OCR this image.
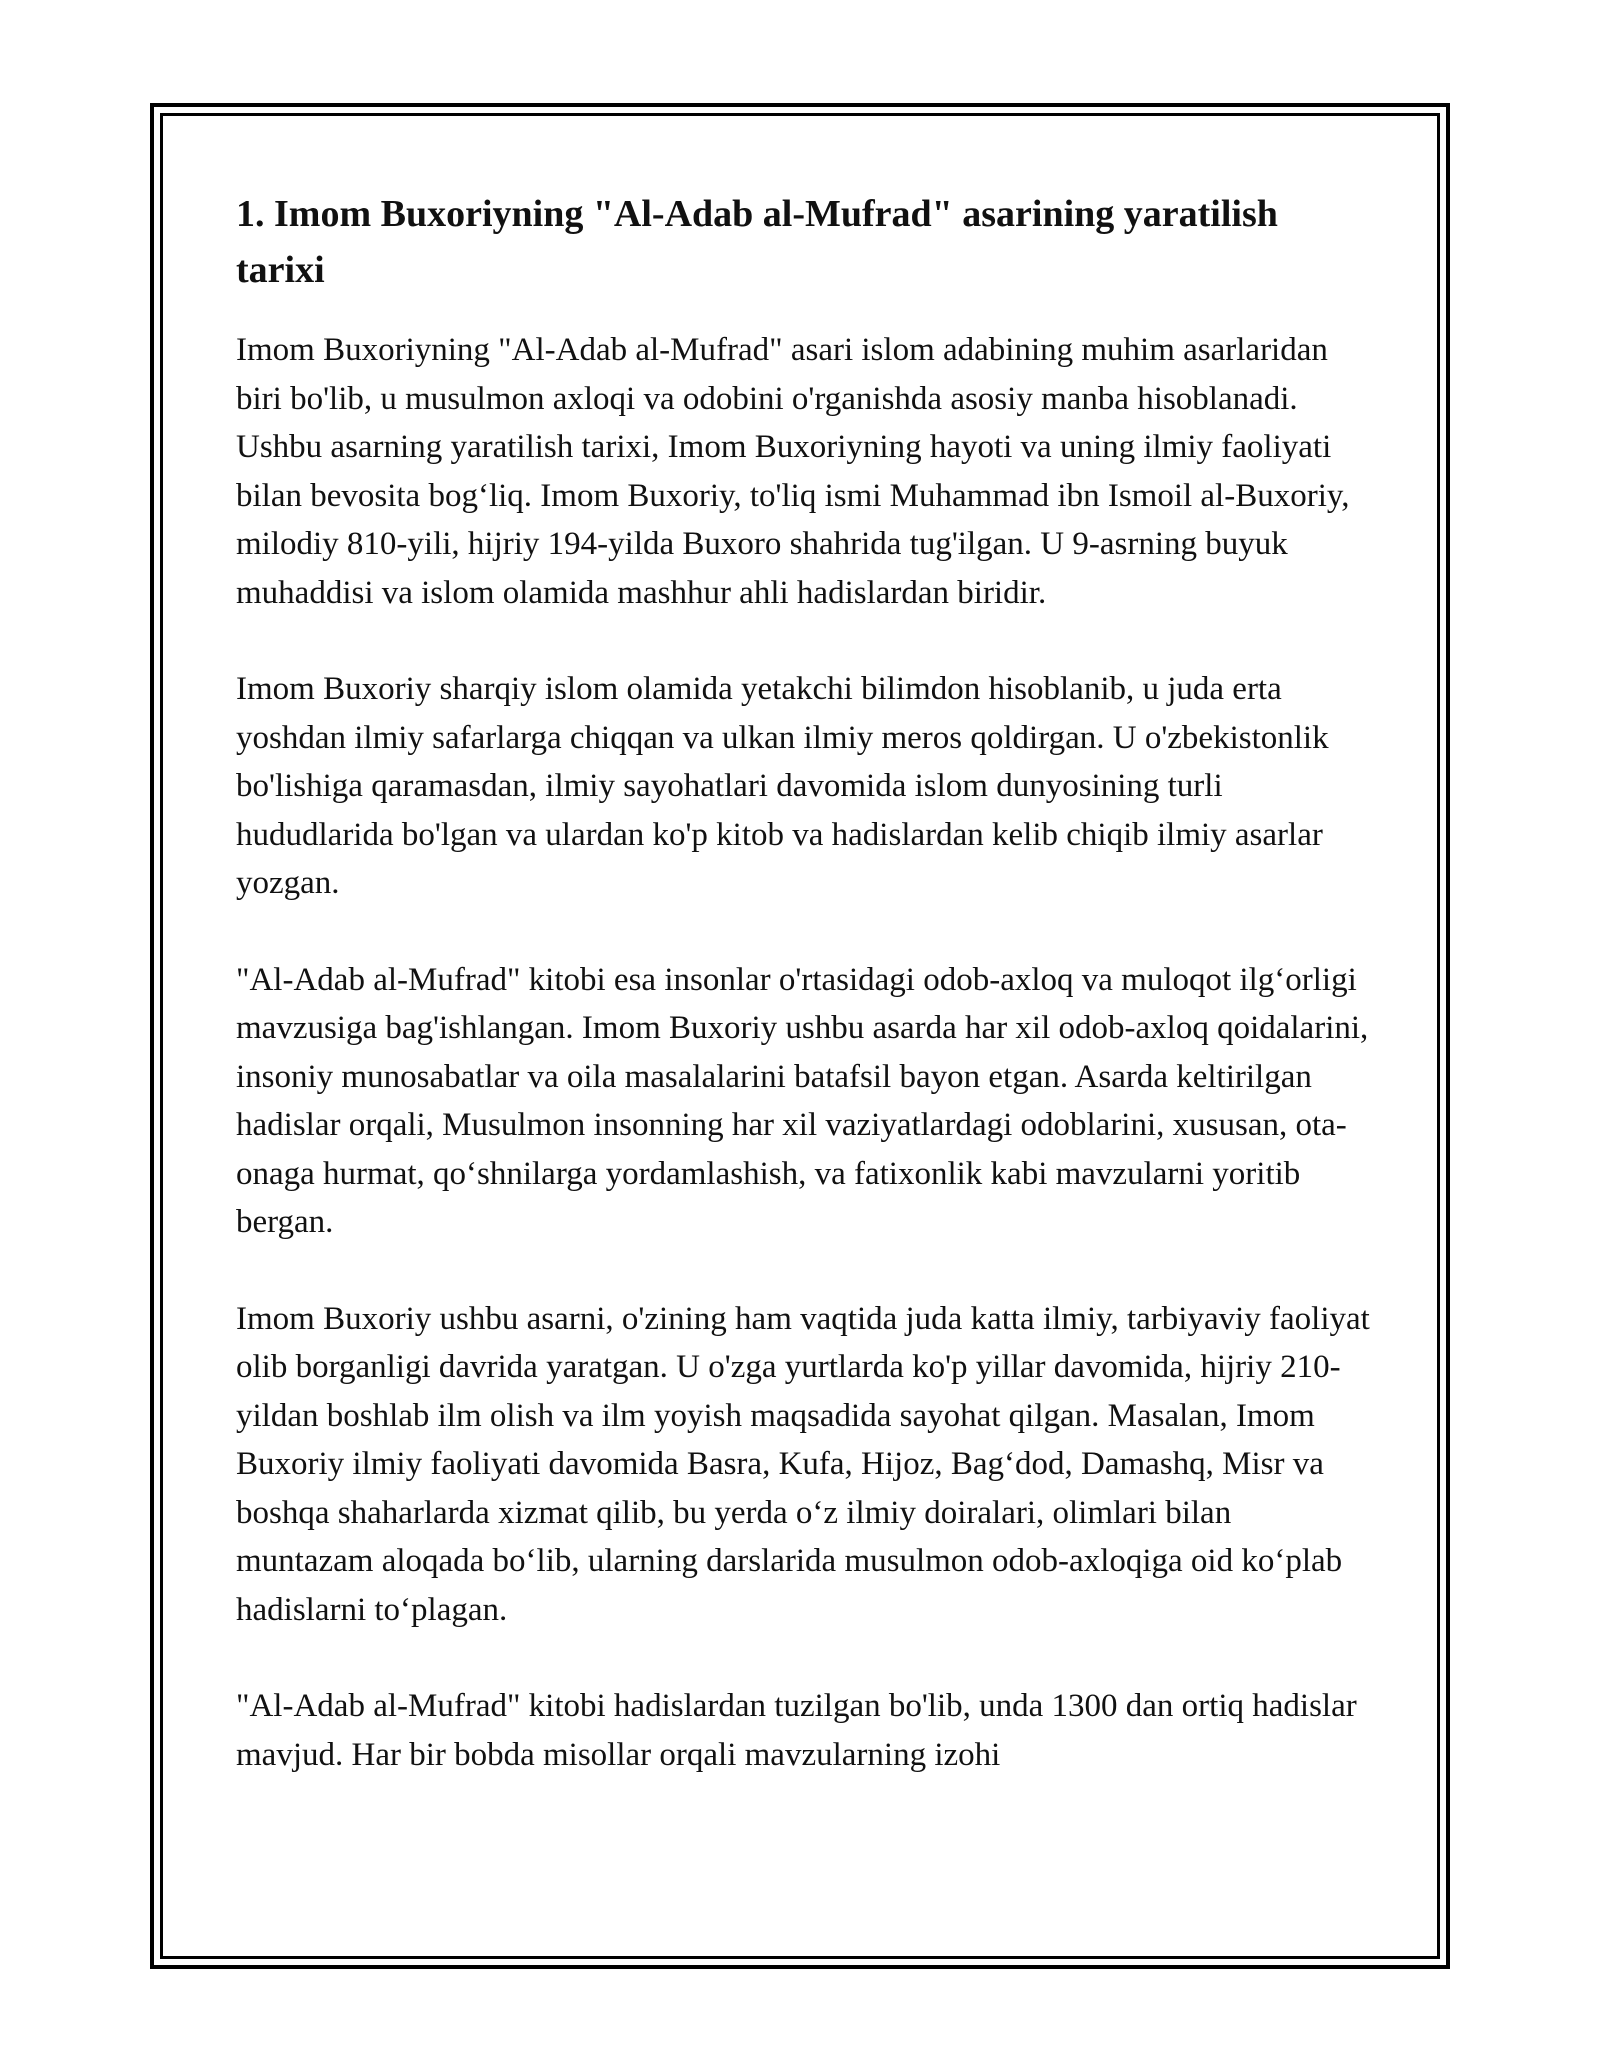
1. Imom Buxoriyning "Al-Adab al-Mufrad" asarining yaratilish tarixi

Imom Buxoriyning "Al-Adab al-Mufrad" asari islom adabining muhim asarlaridan biri bo'lib, u musulmon axloqi va odobini o'rganishda asosiy manba hisoblanadi. Ushbu asarning yaratilish tarixi, Imom Buxoriyning hayoti va uning ilmiy faoliyati bilan bevosita bog‘liq. Imom Buxoriy, to'liq ismi Muhammad ibn Ismoil al-Buxoriy, milodiy 810-yili, hijriy 194-yilda Buxoro shahrida tug'ilgan. U 9-asrning buyuk muhaddisi va islom olamida mashhur ahli hadislardan biridir.

Imom Buxoriy sharqiy islom olamida yetakchi bilimdon hisoblanib, u juda erta yoshdan ilmiy safarlarga chiqqan va ulkan ilmiy meros qoldirgan. U o'zbekistonlik bo'lishiga qaramasdan, ilmiy sayohatlari davomida islom dunyosining turli hududlarida bo'lgan va ulardan ko'p kitob va hadislardan kelib chiqib ilmiy asarlar yozgan.

"Al-Adab al-Mufrad" kitobi esa insonlar o'rtasidagi odob-axloq va muloqot ilg‘orligi mavzusiga bag'ishlangan. Imom Buxoriy ushbu asarda har xil odob-axloq qoidalarini, insoniy munosabatlar va oila masalalarini batafsil bayon etgan. Asarda keltirilgan hadislar orqali, Musulmon insonning har xil vaziyatlardagi odoblarini, xususan, ota-onaga hurmat, qo‘shnilarga yordamlashish, va fatixonlik kabi mavzularni yoritib bergan.

Imom Buxoriy ushbu asarni, o'zining ham vaqtida juda katta ilmiy, tarbiyaviy faoliyat olib borganligi davrida yaratgan. U o'zga yurtlarda ko'p yillar davomida, hijriy 210-yildan boshlab ilm olish va ilm yoyish maqsadida sayohat qilgan. Masalan, Imom Buxoriy ilmiy faoliyati davomida Basra, Kufa, Hijoz, Bag‘dod, Damashq, Misr va boshqa shaharlarda xizmat qilib, bu yerda o‘z ilmiy doiralari, olimlari bilan muntazam aloqada bo‘lib, ularning darslarida musulmon odob-axloqiga oid ko‘plab hadislarni to‘plagan.

"Al-Adab al-Mufrad" kitobi hadislardan tuzilgan bo'lib, unda 1300 dan ortiq hadislar mavjud. Har bir bobda misollar orqali mavzularning izohi
